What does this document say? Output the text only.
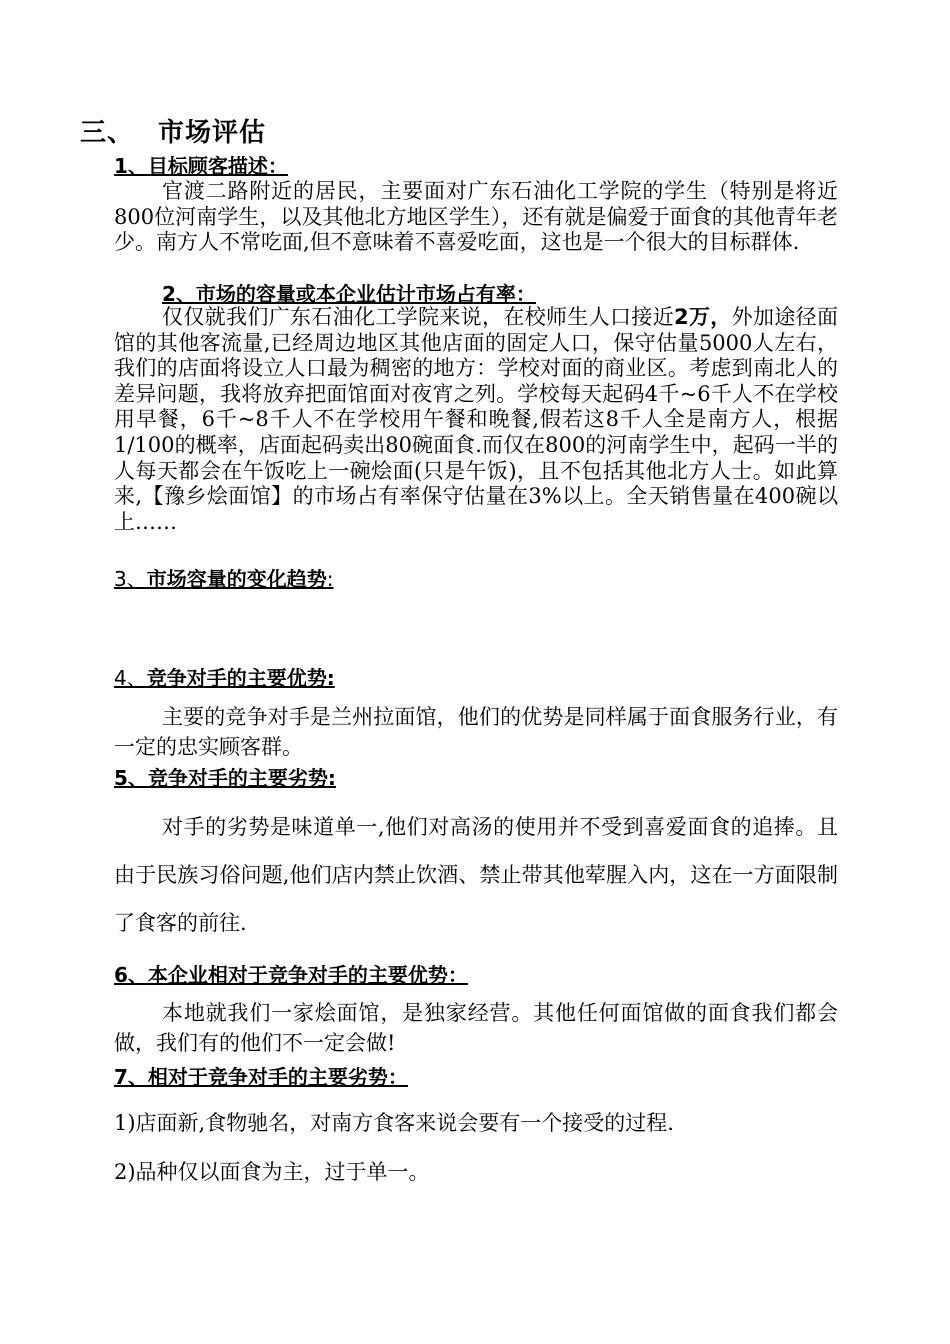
三、 市场评估
1、目标顾客描述：
官渡二路附近的居民，主要面对广东石油化工学院的学生（特别是将近800位河南学生，以及其他北方地区学生），还有就是偏爱于面食的其他青年老少。南方人不常吃面,但不意味着不喜爱吃面，这也是一个很大的目标群体.
2、市场的容量或本企业估计市场占有率：
仅仅就我们广东石油化工学院来说，在校师生人口接近2万，外加途径面馆的其他客流量,已经周边地区其他店面的固定人口，保守估量5000人左右，我们的店面将设立人口最为稠密的地方：学校对面的商业区。考虑到南北人的差异问题，我将放弃把面馆面对夜宵之列。学校每天起码4千~6千人不在学校用早餐，6千~8千人不在学校用午餐和晚餐,假若这8千人全是南方人，根据1/100的概率，店面起码卖出80碗面食.而仅在800的河南学生中，起码一半的人每天都会在午饭吃上一碗烩面(只是午饭)，且不包括其他北方人士。如此算来,【豫乡烩面馆】的市场占有率保守估量在3%以上。全天销售量在400碗以上……
3、市场容量的变化趋势:
4、竞争对手的主要优势:
主要的竞争对手是兰州拉面馆，他们的优势是同样属于面食服务行业，有一定的忠实顾客群。
5、竞争对手的主要劣势:
对手的劣势是味道单一,他们对高汤的使用并不受到喜爱面食的追捧。且由于民族习俗问题,他们店内禁止饮酒、禁止带其他荤腥入内，这在一方面限制了食客的前往.
6、本企业相对于竞争对手的主要优势：
本地就我们一家烩面馆，是独家经营。其他任何面馆做的面食我们都会做，我们有的他们不一定会做!
7、相对于竞争对手的主要劣势：
1)店面新,食物驰名，对南方食客来说会要有一个接受的过程.
2)品种仅以面食为主，过于单一。
